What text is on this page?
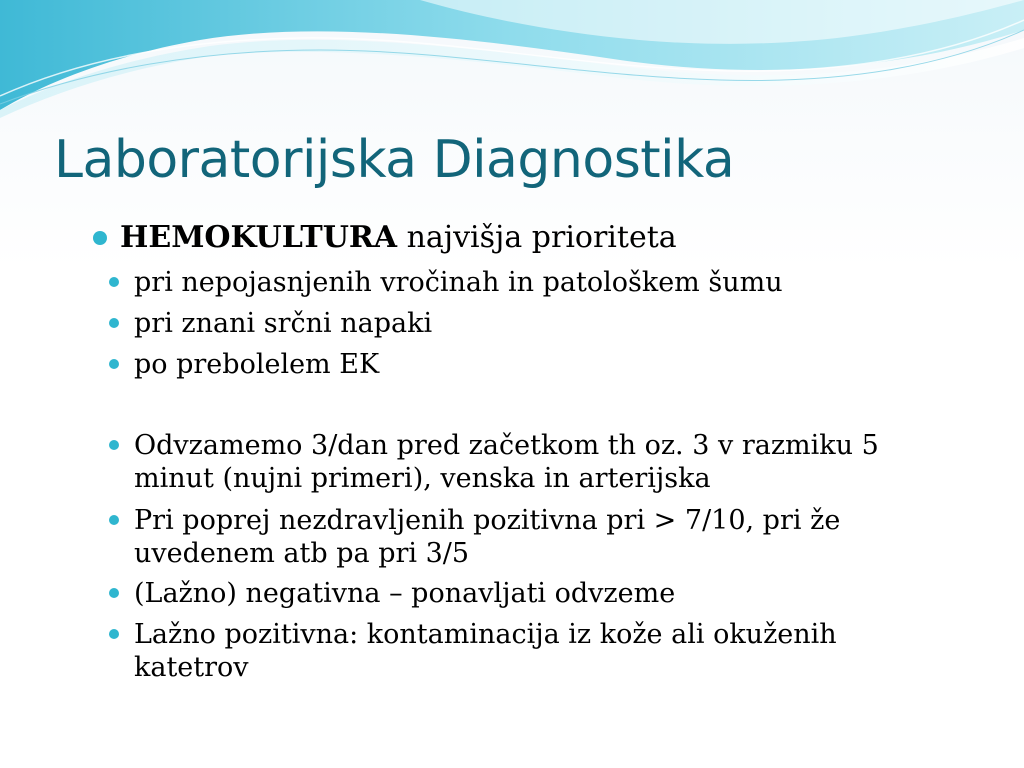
Laboratorijska Diagnostika
HEMOKULTURA najvišja prioriteta
pri nepojasnjenih vročinah in patološkem šumu
pri znani srčni napaki
po prebolelem EK
Odvzamemo 3/dan pred začetkom th oz. 3 v razmiku 5
minut (nujni primeri), venska in arterijska
Pri poprej nezdravljenih pozitivna pri > 7/10, pri že
uvedenem atb pa pri 3/5
(Lažno) negativna – ponavljati odvzeme
Lažno pozitivna: kontaminacija iz kože ali okuženih
katetrov
